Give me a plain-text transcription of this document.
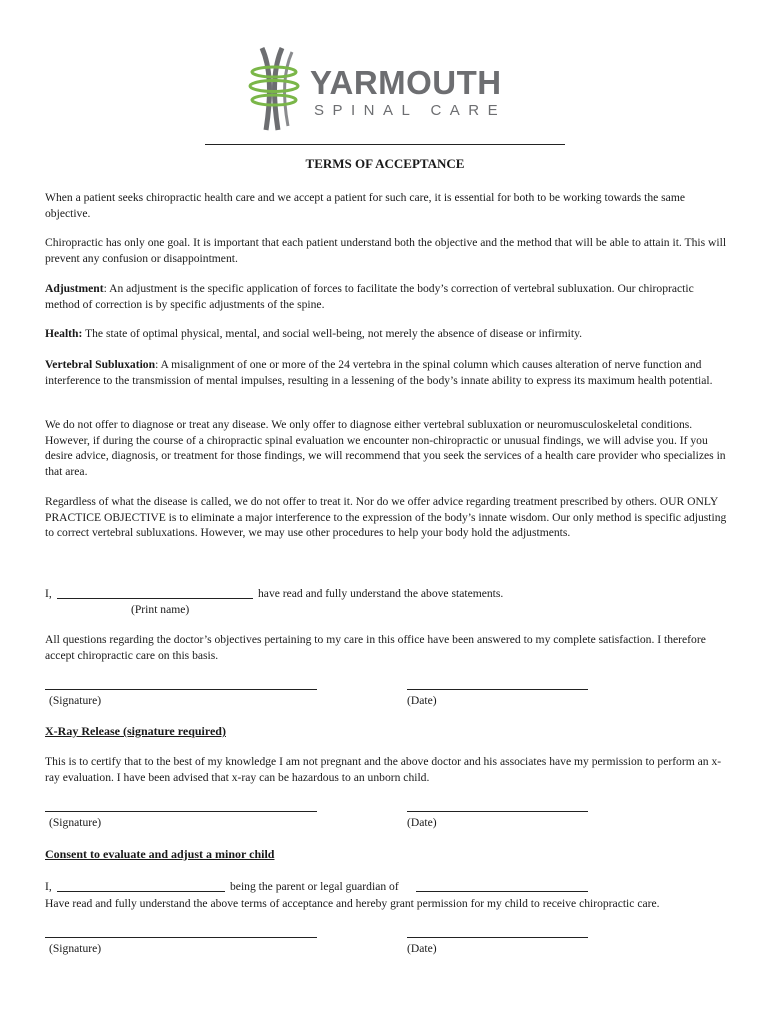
YARMOUTH
SPINAL CARE
TERMS OF ACCEPTANCE
When a patient seeks chiropractic health care and we accept a patient for such care, it is essential for both to be working towards the same objective.
Chiropractic has only one goal. It is important that each patient understand both the objective and the method that will be able to attain it. This will prevent any confusion or disappointment.
Adjustment: An adjustment is the specific application of forces to facilitate the body’s correction of vertebral subluxation. Our chiropractic method of correction is by specific adjustments of the spine.
Health: The state of optimal physical, mental, and social well-being, not merely the absence of disease or infirmity.
Vertebral Subluxation: A misalignment of one or more of the 24 vertebra in the spinal column which causes alteration of nerve function and interference to the transmission of mental impulses, resulting in a lessening of the body’s innate ability to express its maximum health potential.
We do not offer to diagnose or treat any disease. We only offer to diagnose either vertebral subluxation or neuromusculoskeletal conditions. However, if during the course of a chiropractic spinal evaluation we encounter non-chiropractic or unusual findings, we will advise you. If you desire advice, diagnosis, or treatment for those findings, we will recommend that you seek the services of a health care provider who specializes in that area.
Regardless of what the disease is called, we do not offer to treat it. Nor do we offer advice regarding treatment prescribed by others. OUR ONLY PRACTICE OBJECTIVE is to eliminate a major interference to the expression of the body’s innate wisdom. Our only method is specific adjusting to correct vertebral subluxations. However, we may use other procedures to help your body hold the adjustments.
I,	have read and fully understand the above statements.
(Print name)
All questions regarding the doctor’s objectives pertaining to my care in this office have been answered to my complete satisfaction. I therefore accept chiropractic care on this basis.
(Signature)	(Date)
X-Ray Release (signature required)
This is to certify that to the best of my knowledge I am not pregnant and the above doctor and his associates have my permission to perform an x-ray evaluation. I have been advised that x-ray can be hazardous to an unborn child.
(Signature)	(Date)
Consent to evaluate and adjust a minor child
I,	being the parent or legal guardian of
Have read and fully understand the above terms of acceptance and hereby grant permission for my child to receive chiropractic care.
(Signature)	(Date)
